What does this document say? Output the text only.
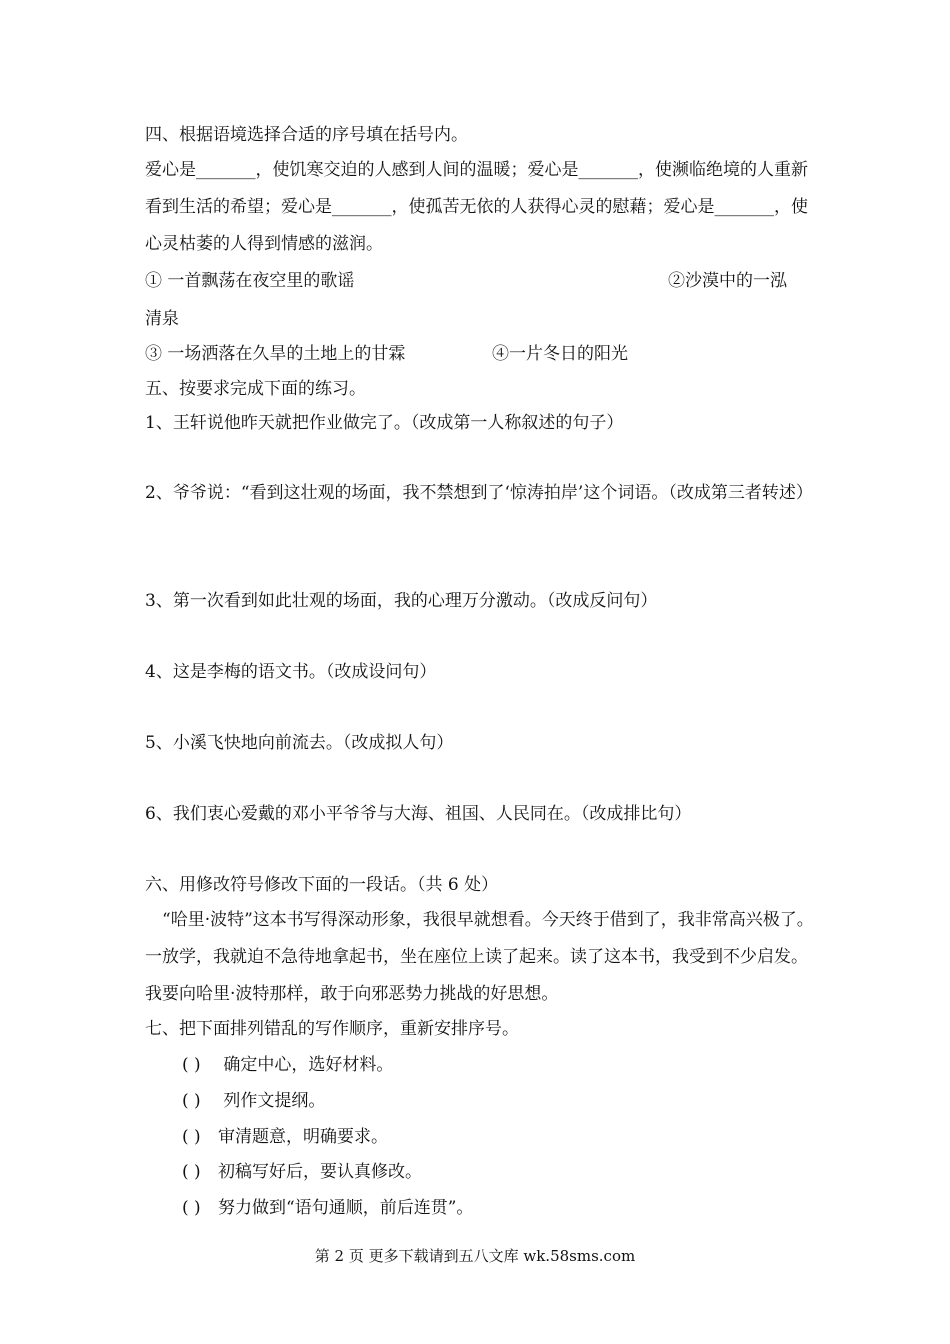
四、根据语境选择合适的序号填在括号内。
爱心是_______，使饥寒交迫的人感到人间的温暖；爱心是_______，使濒临绝境的人重新看到生活的希望；爱心是_______，使孤苦无依的人获得心灵的慰藉；爱心是_______，使心灵枯萎的人得到情感的滋润。
① 一首飘荡在夜空里的歌谣	②沙漠中的一泓
清泉
③ 一场洒落在久旱的土地上的甘霖	④一片冬日的阳光
五、按要求完成下面的练习。
1、王轩说他昨天就把作业做完了。（改成第一人称叙述的句子）
2、爷爷说：“看到这壮观的场面，我不禁想到了‘惊涛拍岸’这个词语。（改成第三者转述）
3、第一次看到如此壮观的场面，我的心理万分激动。（改成反问句）
4、这是李梅的语文书。（改成设问句）
5、小溪飞快地向前流去。（改成拟人句）
6、我们衷心爱戴的邓小平爷爷与大海、祖国、人民同在。（改成排比句）
六、用修改符号修改下面的一段话。（共 6 处）
“哈里·波特”这本书写得深动形象，我很早就想看。今天终于借到了，我非常高兴极了。一放学，我就迫不急待地拿起书，坐在座位上读了起来。读了这本书，我受到不少启发。我要向哈里·波特那样，敢于向邪恶势力挑战的好思想。
七、把下面排列错乱的写作顺序，重新安排序号。
( ) 确定中心，选好材料。
( ) 列作文提纲。
( ) 审清题意，明确要求。
( ) 初稿写好后，要认真修改。
( ) 努力做到“语句通顺，前后连贯”。
第 2 页 更多下载请到五八文库 wk.58sms.com
